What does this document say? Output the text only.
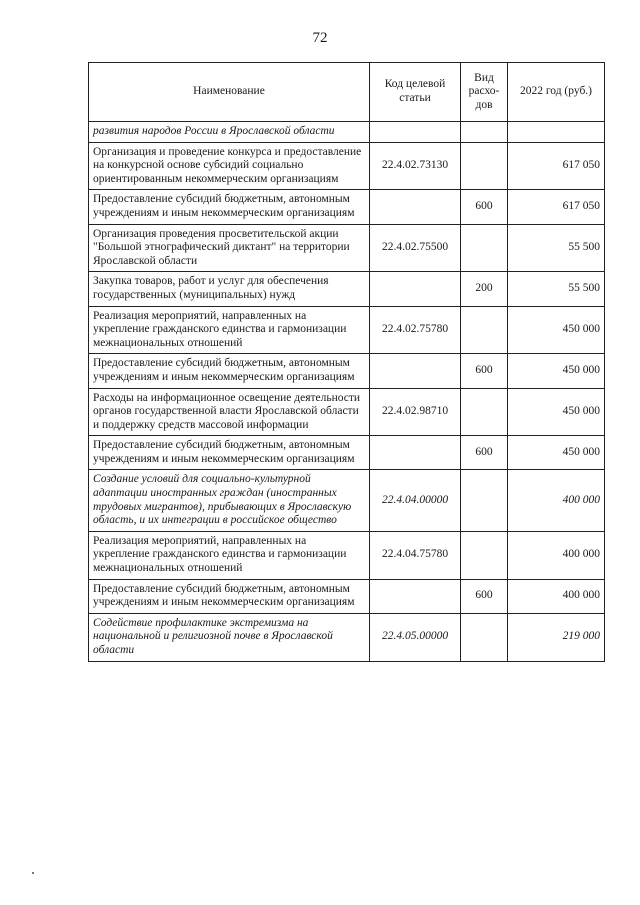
72
Наименование	Код целевой статьи	Вид расхо-дов	2022 год (руб.)
развития народов России в Ярославской области			
Организация и проведение конкурса и предоставление на конкурсной основе субсидий социально ориентированным некоммерческим организациям	22.4.02.73130		617 050
Предоставление субсидий бюджетным, автономным учреждениям и иным некоммерческим организациям		600	617 050
Организация проведения просветительской акции "Большой этнографический диктант" на территории Ярославской области	22.4.02.75500		55 500
Закупка товаров, работ и услуг для обеспечения государственных (муниципальных) нужд		200	55 500
Реализация мероприятий, направленных на укрепление гражданского единства и гармонизации межнациональных отношений	22.4.02.75780		450 000
Предоставление субсидий бюджетным, автономным учреждениям и иным некоммерческим организациям		600	450 000
Расходы на информационное освещение деятельности органов государственной власти Ярославской области и поддержку средств массовой информации	22.4.02.98710		450 000
Предоставление субсидий бюджетным, автономным учреждениям и иным некоммерческим организациям		600	450 000
Создание условий для социально-культурной адаптации иностранных граждан (иностранных трудовых мигрантов), прибывающих в Ярославскую область, и их интеграции в российское общество	22.4.04.00000		400 000
Реализация мероприятий, направленных на укрепление гражданского единства и гармонизации межнациональных отношений	22.4.04.75780		400 000
Предоставление субсидий бюджетным, автономным учреждениям и иным некоммерческим организациям		600	400 000
Содействие профилактике экстремизма на национальной и религиозной почве в Ярославской области	22.4.05.00000		219 000
